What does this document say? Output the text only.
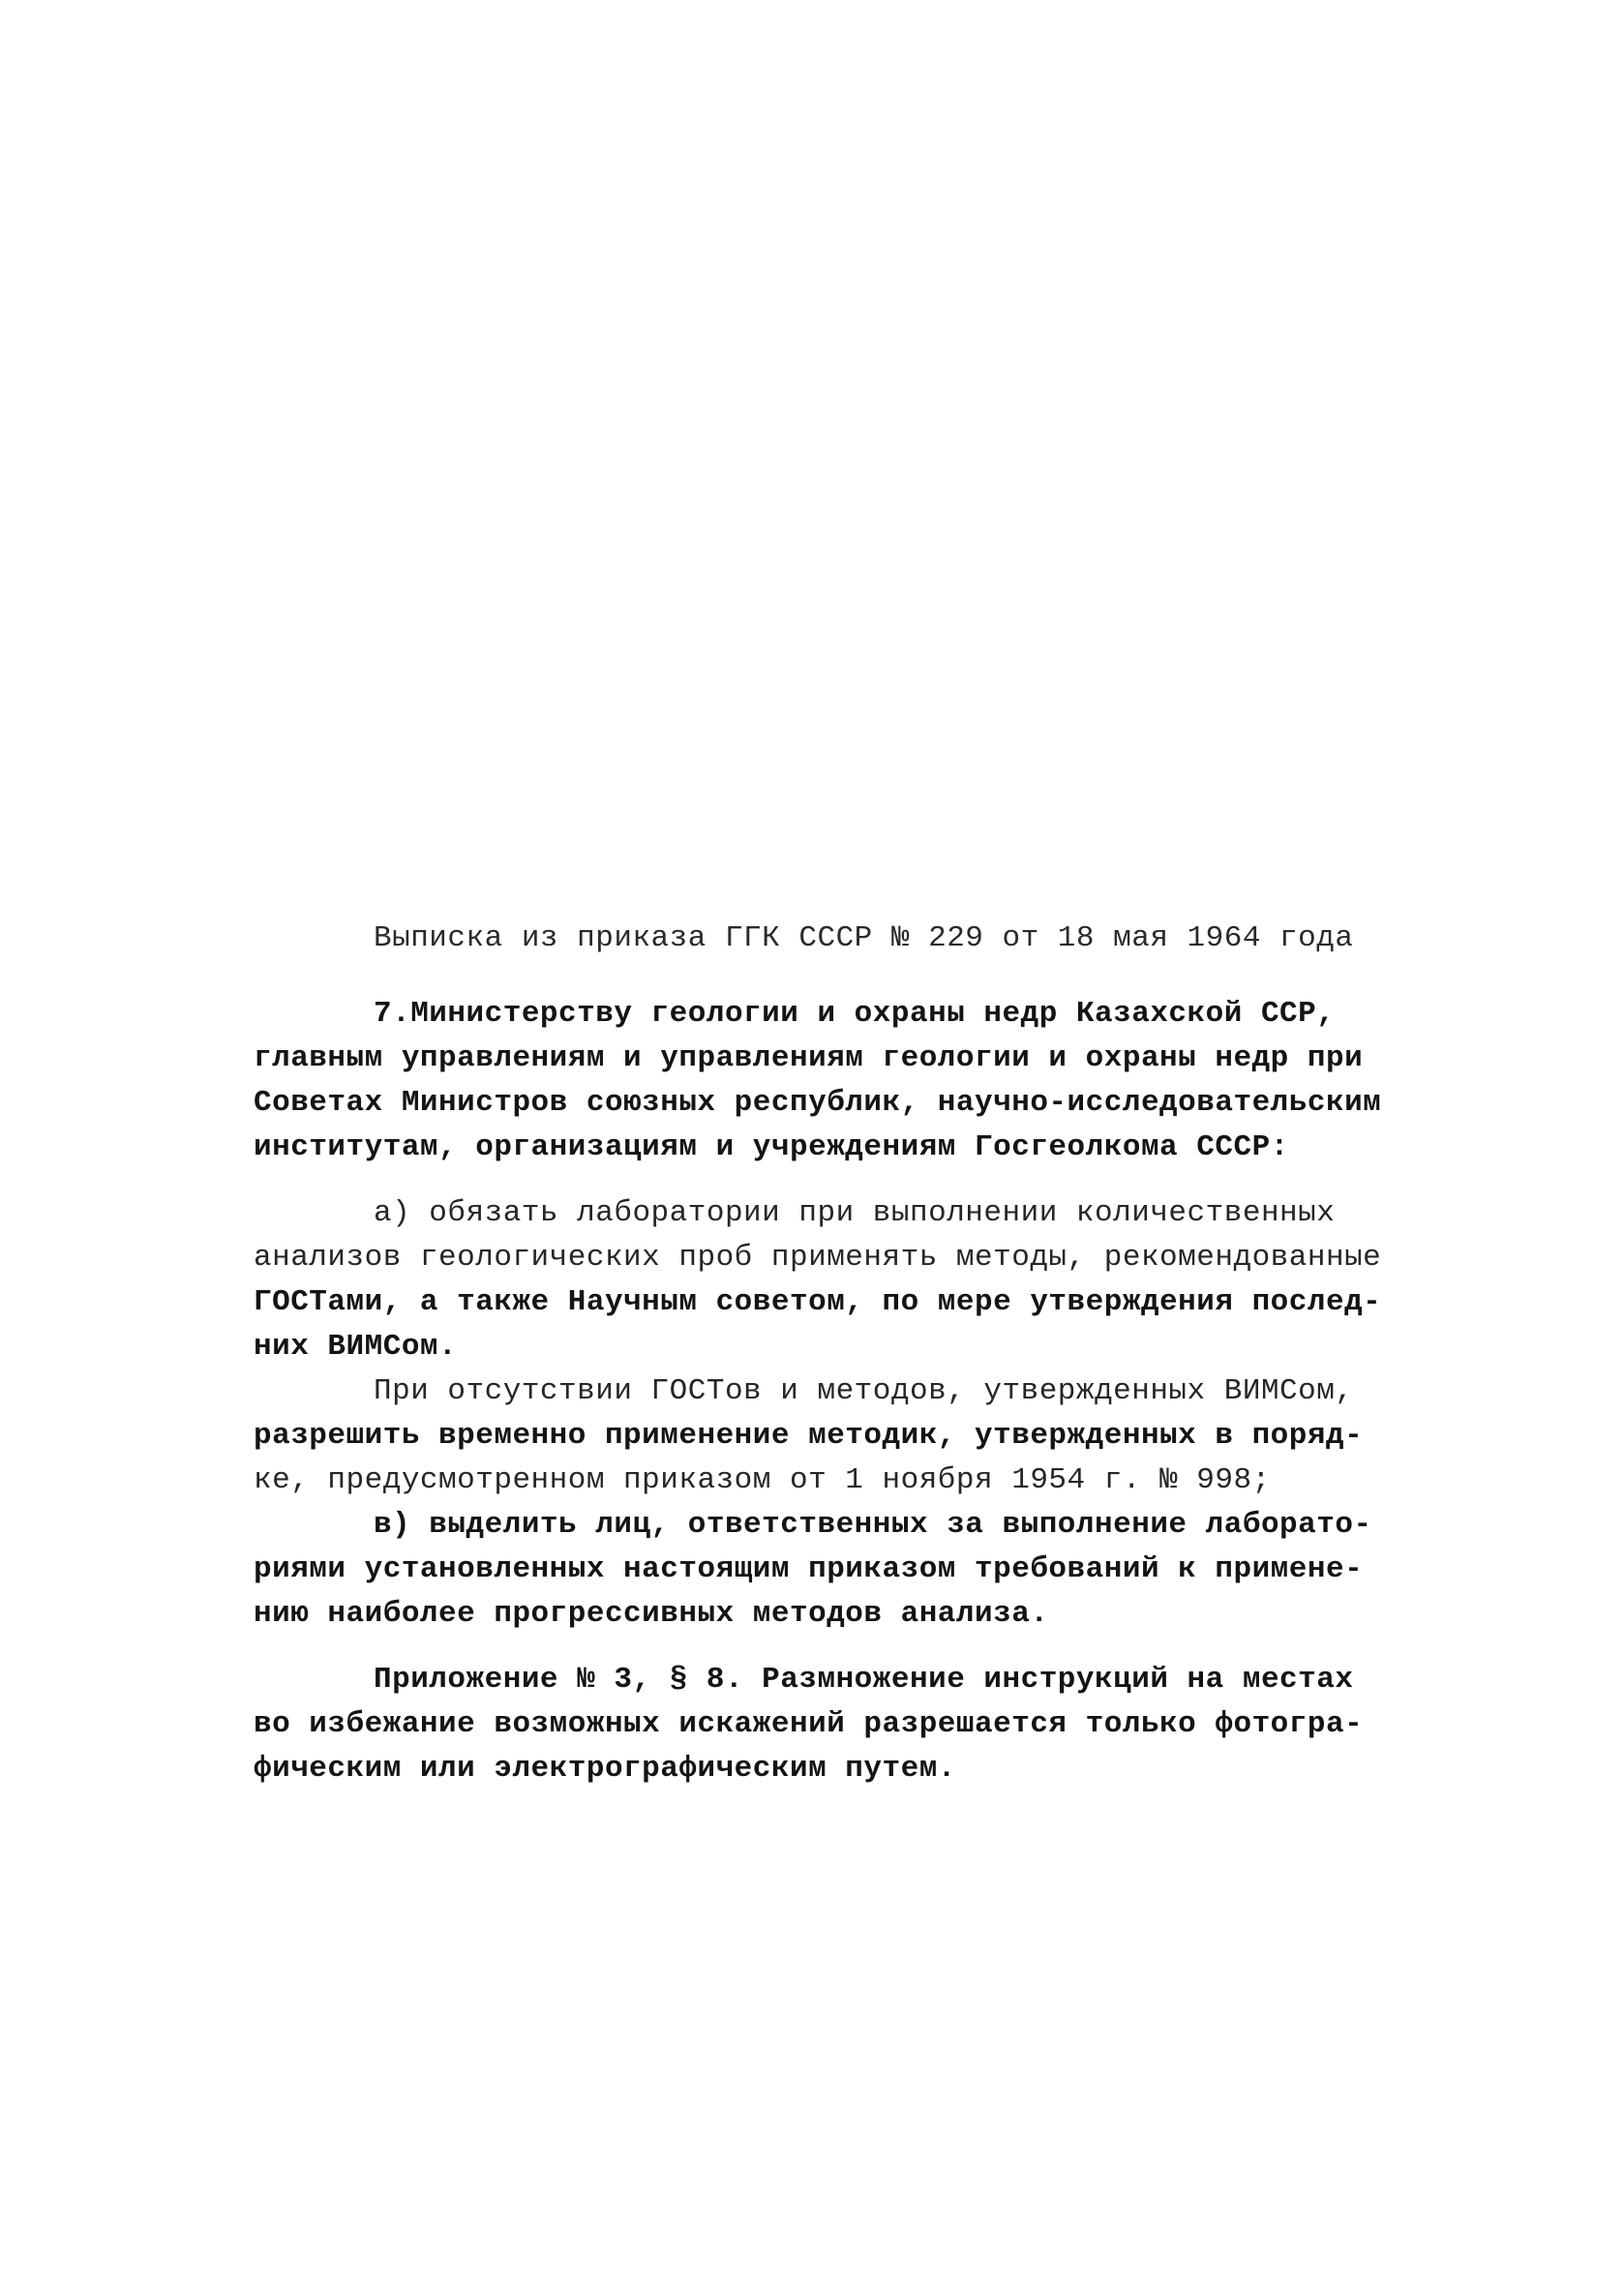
Выписка из приказа ГГК СССР № 229 от 18 мая 1964 года
7.Министерству геологии и охраны недр Казахской ССР,
главным управлениям и управлениям геологии и охраны недр при
Советах Министров союзных республик, научно-исследовательским
институтам, организациям и учреждениям Госгеолкома СССР:
а) обязать лаборатории при выполнении количественных
анализов геологических проб применять методы, рекомендованные
ГОСТами, а также Научным советом, по мере утверждения послед-
них ВИМСом.
При отсутствии ГОСТов и методов, утвержденных ВИМСом,
разрешить временно применение методик, утвержденных в поряд-
ке, предусмотренном приказом от 1 ноября 1954 г. № 998;
в) выделить лиц, ответственных за выполнение лаборато-
риями установленных настоящим приказом требований к примене-
нию наиболее прогрессивных методов анализа.
Приложение № 3, § 8. Размножение инструкций на местах
во избежание возможных искажений разрешается только фотогра-
фическим или электрографическим путем.
